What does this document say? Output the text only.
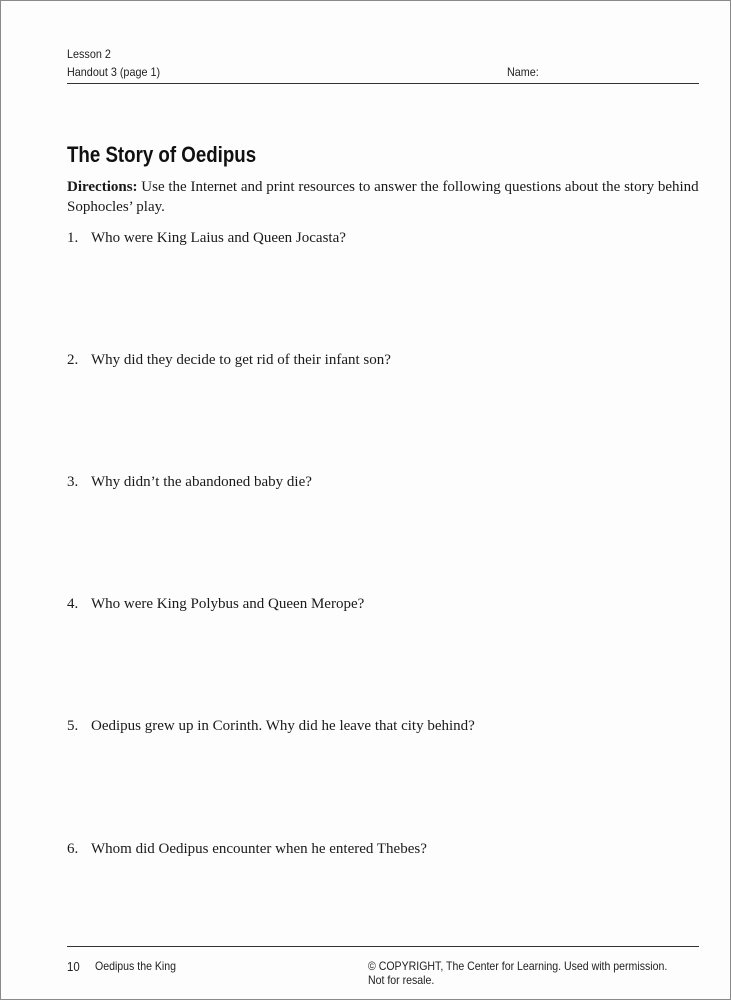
Lesson 2
Handout 3 (page 1)	Name:
The Story of Oedipus
Directions: Use the Internet and print resources to answer the following questions about the story behind Sophocles’ play.
1. Who were King Laius and Queen Jocasta?
2. Why did they decide to get rid of their infant son?
3. Why didn’t the abandoned baby die?
4. Who were King Polybus and Queen Merope?
5. Oedipus grew up in Corinth. Why did he leave that city behind?
6. Whom did Oedipus encounter when he entered Thebes?
10 Oedipus the King	© COPYRIGHT, The Center for Learning. Used with permission. Not for resale.
